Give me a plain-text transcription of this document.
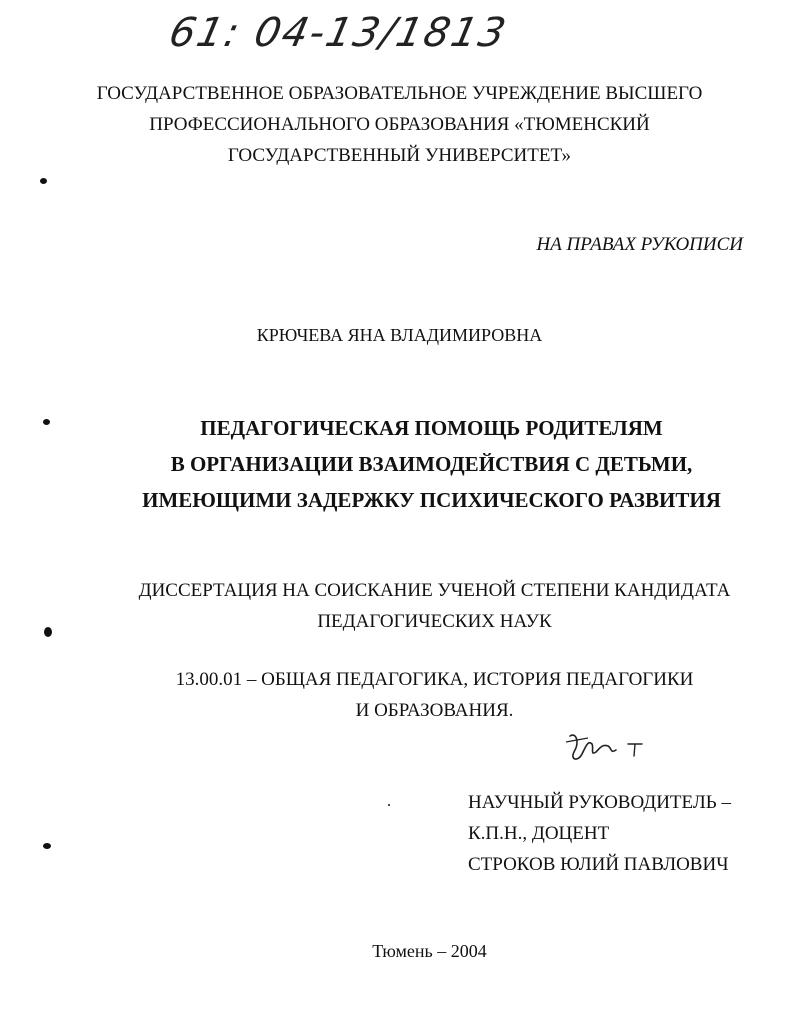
61: 04-13/1813
ГОСУДАРСТВЕННОЕ ОБРАЗОВАТЕЛЬНОЕ УЧРЕЖДЕНИЕ ВЫСШЕГО
ПРОФЕССИОНАЛЬНОГО ОБРАЗОВАНИЯ «ТЮМЕНСКИЙ
ГОСУДАРСТВЕННЫЙ УНИВЕРСИТЕТ»
НА ПРАВАХ РУКОПИСИ
КРЮЧЕВА ЯНА ВЛАДИМИРОВНА
ПЕДАГОГИЧЕСКАЯ ПОМОЩЬ РОДИТЕЛЯМ
В ОРГАНИЗАЦИИ ВЗАИМОДЕЙСТВИЯ С ДЕТЬМИ,
ИМЕЮЩИМИ ЗАДЕРЖКУ ПСИХИЧЕСКОГО РАЗВИТИЯ
ДИССЕРТАЦИЯ НА СОИСКАНИЕ УЧЕНОЙ СТЕПЕНИ КАНДИДАТА
ПЕДАГОГИЧЕСКИХ НАУК
13.00.01 – ОБЩАЯ ПЕДАГОГИКА, ИСТОРИЯ ПЕДАГОГИКИ
И ОБРАЗОВАНИЯ.
НАУЧНЫЙ РУКОВОДИТЕЛЬ –
К.П.Н., ДОЦЕНТ
СТРОКОВ ЮЛИЙ ПАВЛОВИЧ
Тюмень – 2004
